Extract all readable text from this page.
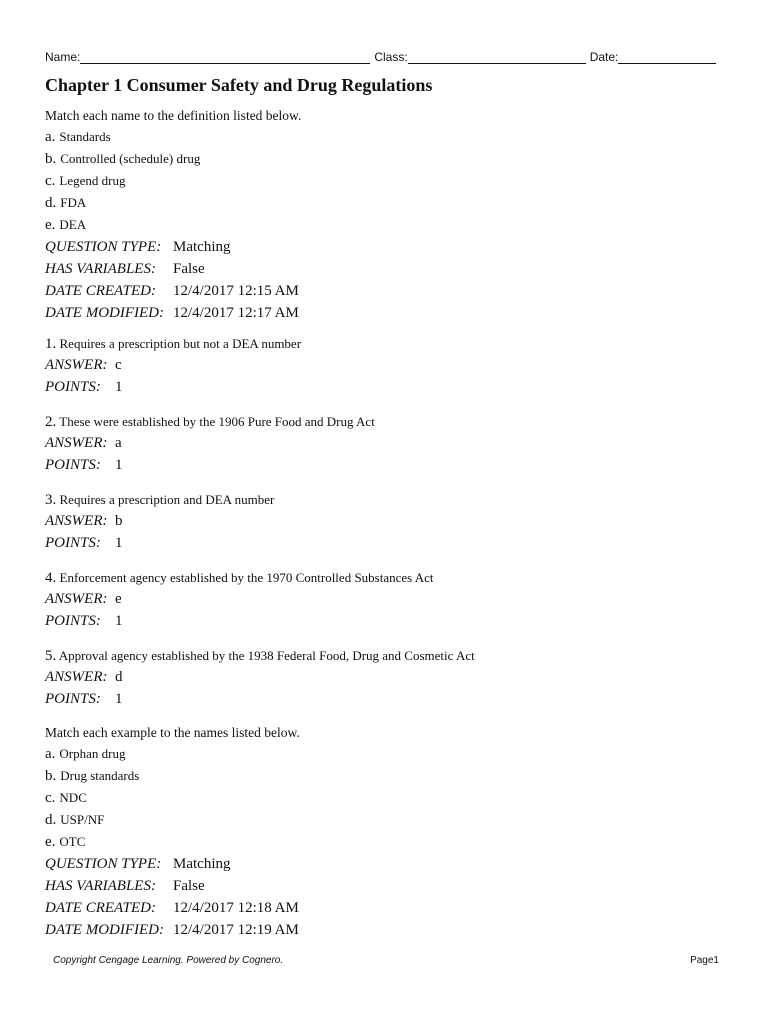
Name:	Class:	Date:
Chapter 1 Consumer Safety and Drug Regulations
Match each name to the definition listed below.
a. Standards
b. Controlled (schedule) drug
c. Legend drug
d. FDA
e. DEA
QUESTION TYPE: Matching
HAS VARIABLES:	False
DATE CREATED:	12/4/2017 12:15 AM
DATE MODIFIED: 12/4/2017 12:17 AM
1. Requires a prescription but not a DEA number
ANSWER: c
POINTS: 1
2. These were established by the 1906 Pure Food and Drug Act
ANSWER: a
POINTS: 1
3. Requires a prescription and DEA number
ANSWER: b
POINTS: 1
4. Enforcement agency established by the 1970 Controlled Substances Act
ANSWER: e
POINTS: 1
5. Approval agency established by the 1938 Federal Food, Drug and Cosmetic Act
ANSWER: d
POINTS: 1
Match each example to the names listed below.
a. Orphan drug
b. Drug standards
c. NDC
d. USP/NF
e. OTC
QUESTION TYPE: Matching
HAS VARIABLES:	False
DATE CREATED:	12/4/2017 12:18 AM
DATE MODIFIED: 12/4/2017 12:19 AM
Copyright Cengage Learning. Powered by Cognero.	Page1
